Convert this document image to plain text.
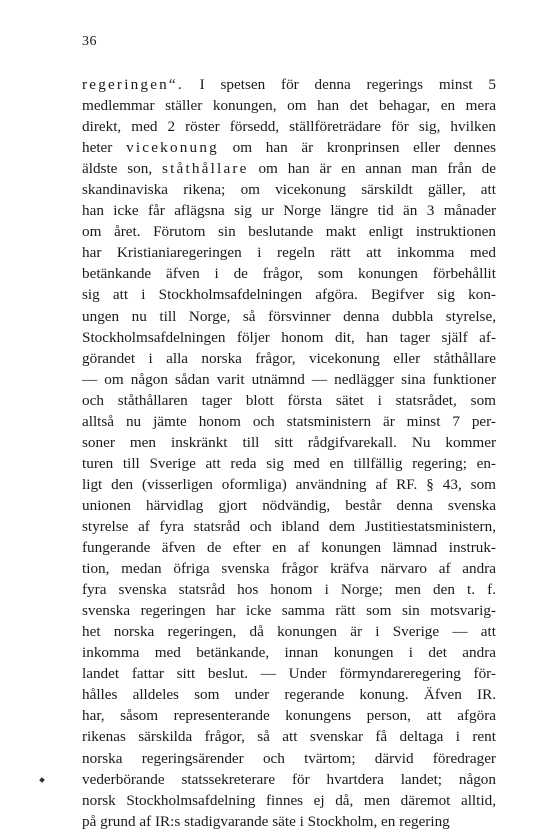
36
regeringen“. I spetsen för denna regerings minst 5
medlemmar ställer konungen, om han det behagar, en mera
direkt, med 2 röster försedd, ställföreträdare för sig, hvilken
heter vicekonung om han är kronprinsen eller dennes
äldste son, ståthållare om han är en annan man från de
skandinaviska rikena; om vicekonung särskildt gäller, att
han icke får aflägsna sig ur Norge längre tid än 3 månader
om året. Förutom sin beslutande makt enligt instruktionen
har Kristianiaregeringen i regeln rätt att inkomma med
betänkande äfven i de frågor, som konungen förbehållit
sig att i Stockholmsafdelningen afgöra. Begifver sig kon-
ungen nu till Norge, så försvinner denna dubbla styrelse,
Stockholmsafdelningen följer honom dit, han tager själf af-
görandet i alla norska frågor, vicekonung eller ståthållare
— om någon sådan varit utnämnd — nedlägger sina funktioner
och ståthållaren tager blott första sätet i statsrådet, som
alltså nu jämte honom och statsministern är minst 7 per-
soner men inskränkt till sitt rådgifvarekall. Nu kommer
turen till Sverige att reda sig med en tillfällig regering; en-
ligt den (visserligen oformliga) användning af RF. § 43, som
unionen härvidlag gjort nödvändig, består denna svenska
styrelse af fyra statsråd och ibland dem Justitiestatsministern,
fungerande äfven de efter en af konungen lämnad instruk-
tion, medan öfriga svenska frågor kräfva närvaro af andra
fyra svenska statsråd hos honom i Norge; men den t. f.
svenska regeringen har icke samma rätt som sin motsvarig-
het norska regeringen, då konungen är i Sverige — att
inkomma med betänkande, innan konungen i det andra
landet fattar sitt beslut. — Under förmyndareregering för-
hålles alldeles som under regerande konung. Äfven IR.
har, såsom representerande konungens person, att afgöra
rikenas särskilda frågor, så att svenskar få deltaga i rent
norska regeringsärender och tvärtom; därvid föredrager
vederbörande statssekreterare för hvartdera landet; någon
norsk Stockholmsafdelning finnes ej då, men däremot alltid,
på grund af IR:s stadigvarande säte i Stockholm, en regering
